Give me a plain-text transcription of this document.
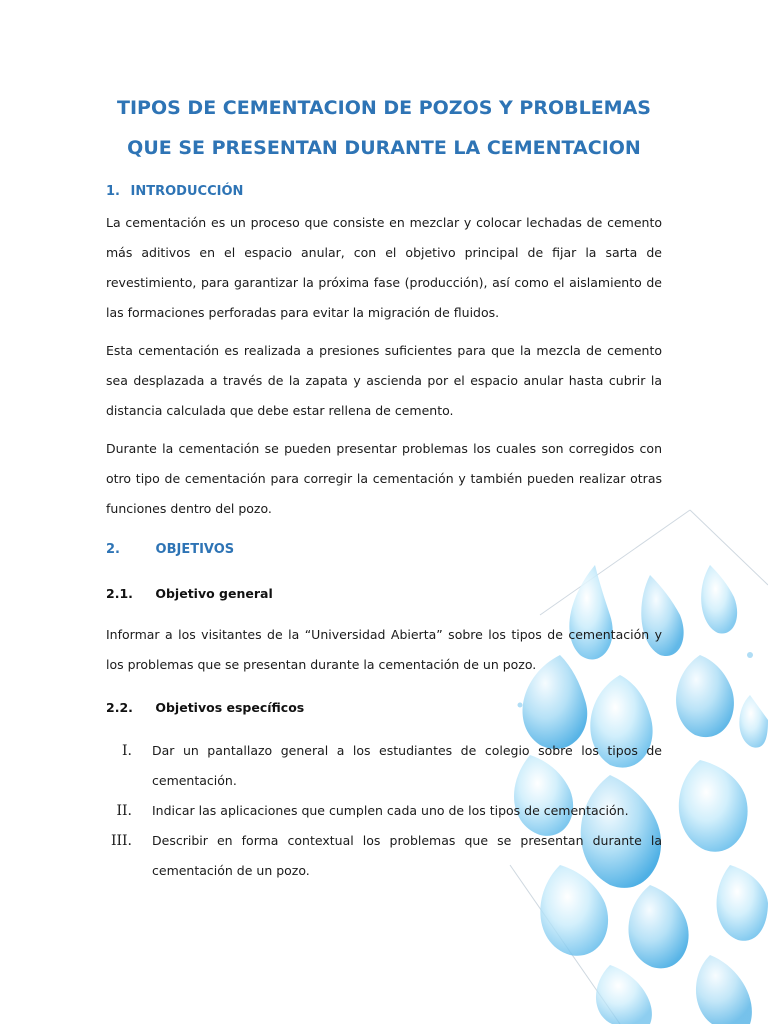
TIPOS DE CEMENTACION DE POZOS Y PROBLEMAS
QUE SE PRESENTAN DURANTE LA CEMENTACION
1. INTRODUCCIÓN

La cementación es un proceso que consiste en mezclar y colocar lechadas de cemento más aditivos en el espacio anular, con el objetivo principal de fijar la sarta de revestimiento, para garantizar la próxima fase (producción), así como el aislamiento de las formaciones perforadas para evitar la migración de fluidos.

Esta cementación es realizada a presiones suficientes para que la mezcla de cemento sea desplazada a través de la zapata y ascienda por el espacio anular hasta cubrir la distancia calculada que debe estar rellena de cemento.

Durante la cementación se pueden presentar problemas los cuales son corregidos con otro tipo de cementación para corregir la cementación y también pueden realizar otras funciones dentro del pozo.

2.	OBJETIVOS
2.1. Objetivo general

Informar a los visitantes de la “Universidad Abierta” sobre los tipos de cementación y los problemas que se presentan durante la cementación de un pozo.

2.2. Objetivos específicos
I. Dar un pantallazo general a los estudiantes de colegio sobre los tipos de cementación.
II. Indicar las aplicaciones que cumplen cada uno de los tipos de cementación.
III. Describir en forma contextual los problemas que se presentan durante la cementación de un pozo.
